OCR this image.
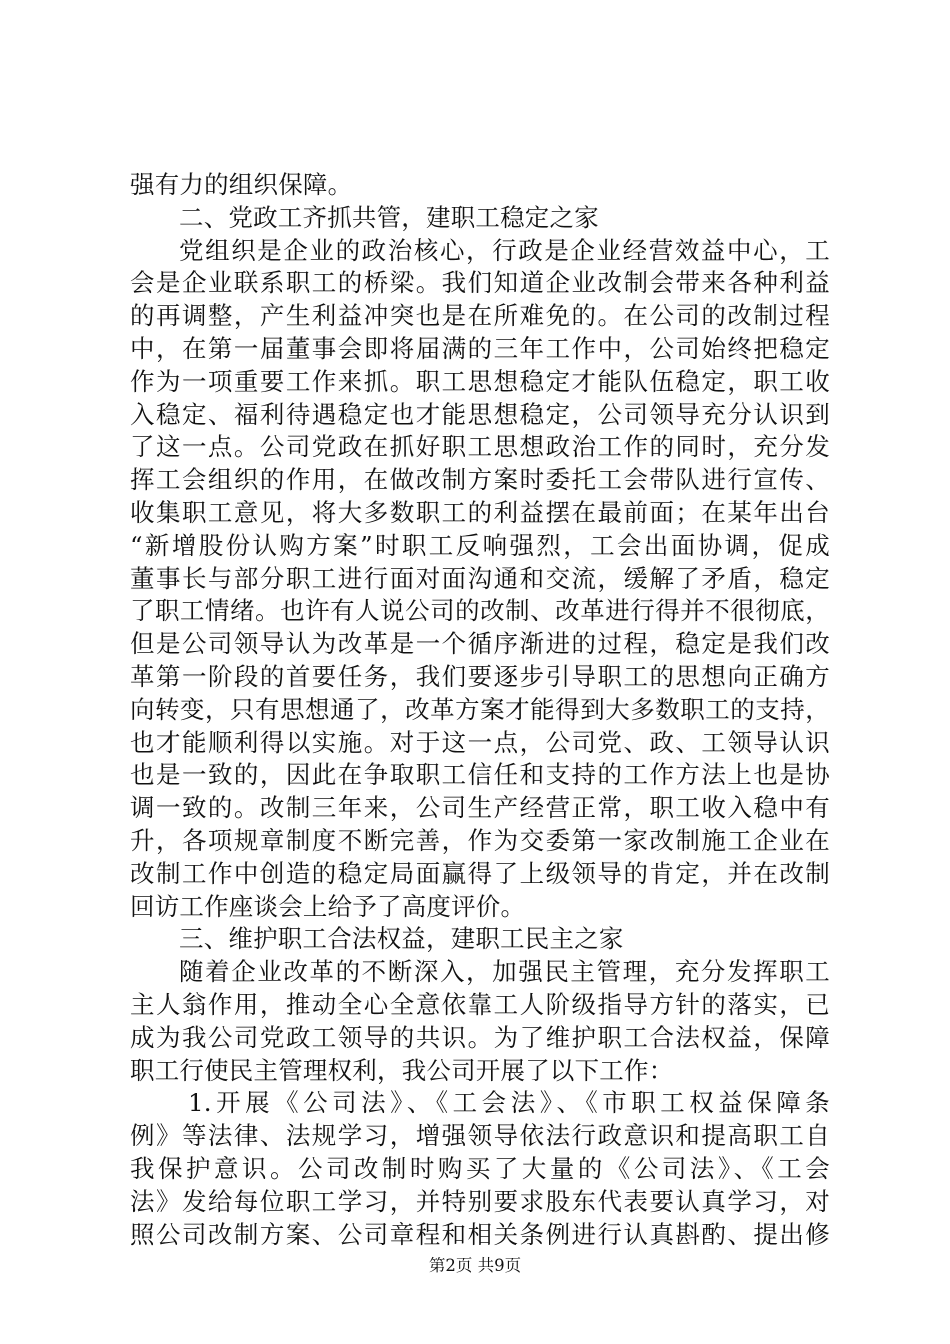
强有力的组织保障。
二、党政工齐抓共管，建职工稳定之家
党组织是企业的政治核心，行政是企业经营效益中心，工
会是企业联系职工的桥梁。我们知道企业改制会带来各种利益
的再调整，产生利益冲突也是在所难免的。在公司的改制过程
中，在第一届董事会即将届满的三年工作中，公司始终把稳定
作为一项重要工作来抓。职工思想稳定才能队伍稳定，职工收
入稳定、福利待遇稳定也才能思想稳定，公司领导充分认识到
了这一点。公司党政在抓好职工思想政治工作的同时，充分发
挥工会组织的作用，在做改制方案时委托工会带队进行宣传、
收集职工意见，将大多数职工的利益摆在最前面；在某年出台
“新增股份认购方案”时职工反响强烈，工会出面协调，促成
董事长与部分职工进行面对面沟通和交流，缓解了矛盾，稳定
了职工情绪。也许有人说公司的改制、改革进行得并不很彻底，
但是公司领导认为改革是一个循序渐进的过程，稳定是我们改
革第一阶段的首要任务，我们要逐步引导职工的思想向正确方
向转变，只有思想通了，改革方案才能得到大多数职工的支持，
也才能顺利得以实施。对于这一点，公司党、政、工领导认识
也是一致的，因此在争取职工信任和支持的工作方法上也是协
调一致的。改制三年来，公司生产经营正常，职工收入稳中有
升，各项规章制度不断完善，作为交委第一家改制施工企业在
改制工作中创造的稳定局面赢得了上级领导的肯定，并在改制
回访工作座谈会上给予了高度评价。
三、维护职工合法权益，建职工民主之家
随着企业改革的不断深入，加强民主管理，充分发挥职工
主人翁作用，推动全心全意依靠工人阶级指导方针的落实，已
成为我公司党政工领导的共识。为了维护职工合法权益，保障
职工行使民主管理权利，我公司开展了以下工作：
1.开展《公司法》、《工会法》、《市职工权益保障条
例》等法律、法规学习，增强领导依法行政意识和提高职工自
我保护意识。公司改制时购买了大量的《公司法》、《工会
法》发给每位职工学习，并特别要求股东代表要认真学习，对
照公司改制方案、公司章程和相关条例进行认真斟酌、提出修
第2页 共9页
